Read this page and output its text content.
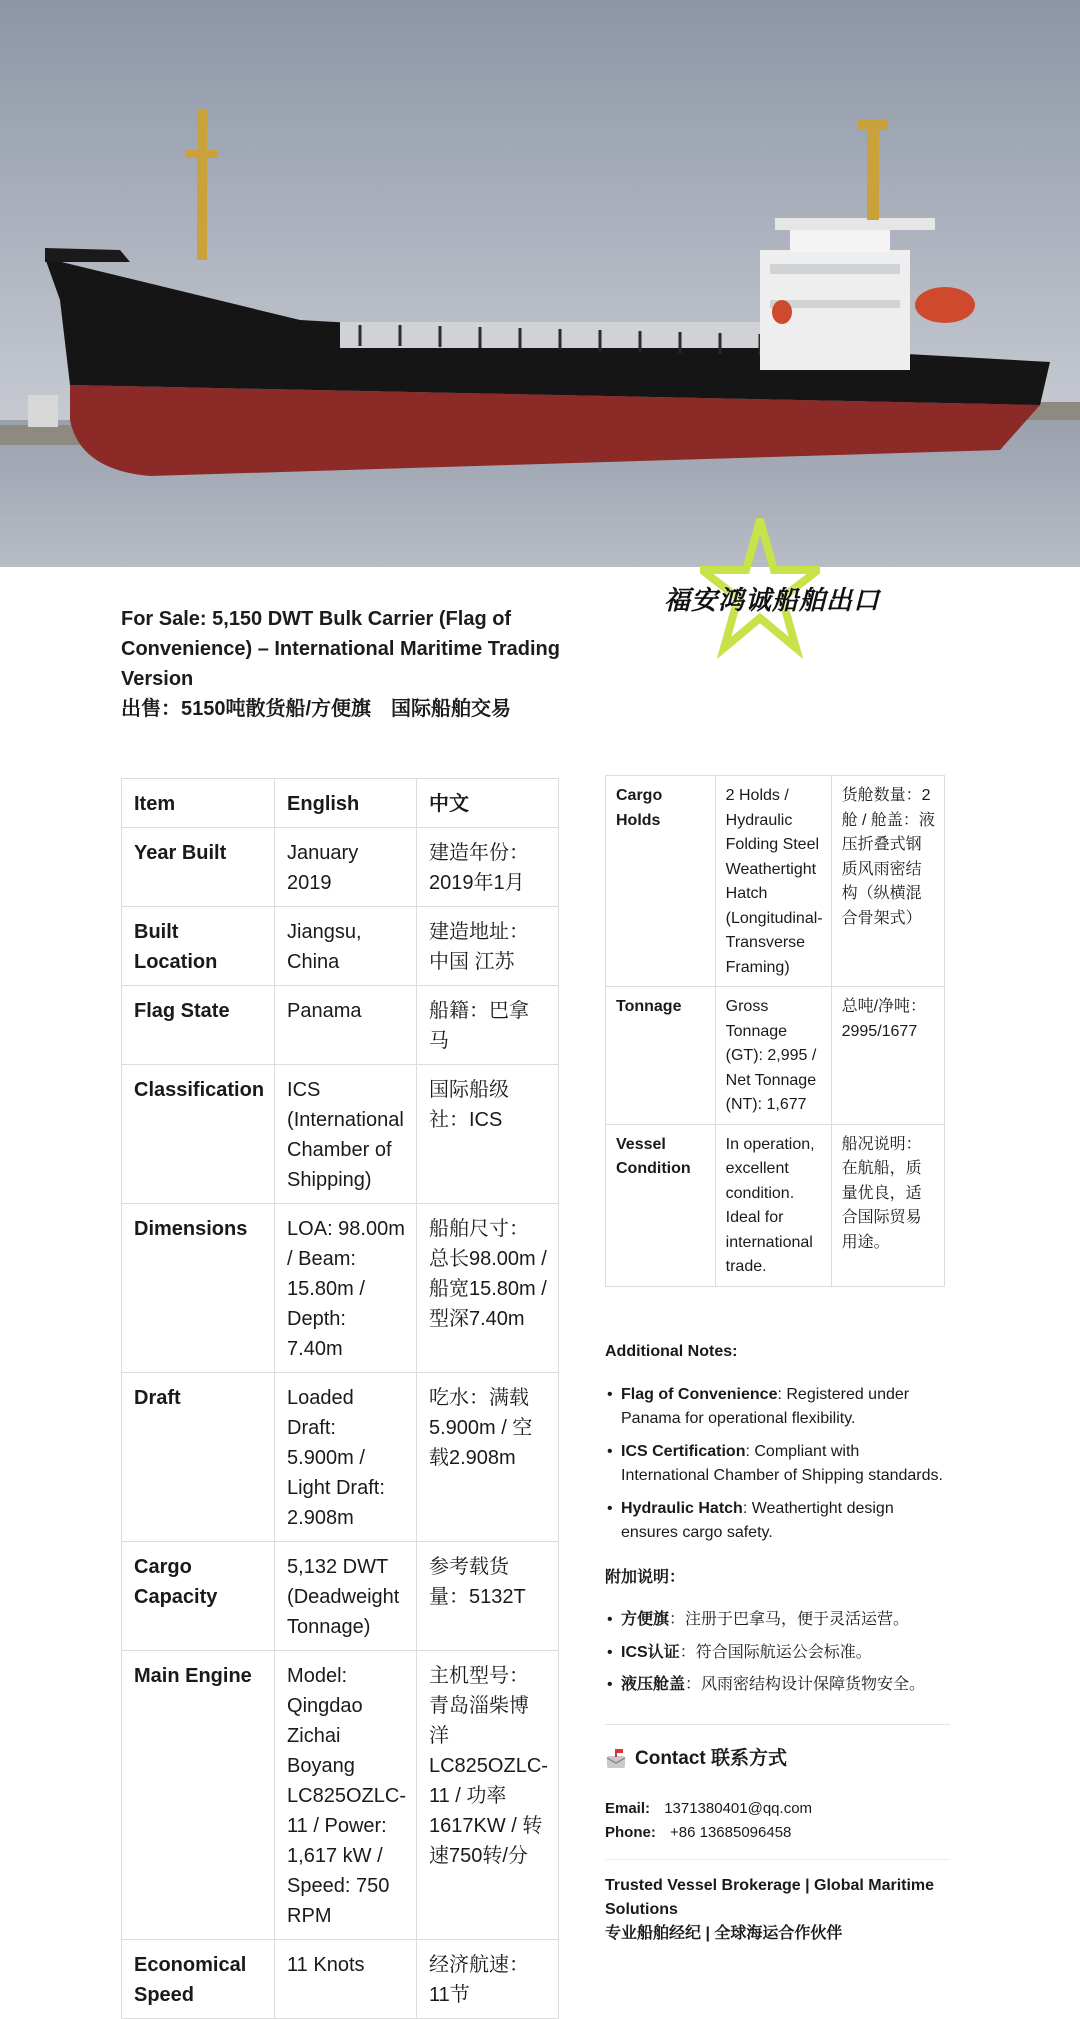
福安鸿诚船舶出口
For Sale: 5,150 DWT Bulk Carrier (Flag of Convenience) – International Maritime Trading Version
出售：5150吨散货船/方便旗　国际船舶交易
Item	English	中文
Year Built	January 2019	建造年份：2019年1月
Built Location	Jiangsu, China	建造地址：中国 江苏
Flag State	Panama	船籍：巴拿马
Classification	ICS (International Chamber of Shipping)	国际船级社：ICS
Dimensions	LOA: 98.00m / Beam: 15.80m / Depth: 7.40m	船舶尺寸：总长98.00m / 船宽15.80m / 型深7.40m
Draft	Loaded Draft: 5.900m / Light Draft: 2.908m	吃水：满载5.900m / 空载2.908m
Cargo Capacity	5,132 DWT (Deadweight Tonnage)	参考载货量：5132T
Main Engine	Model: Qingdao Zichai Boyang LC825OZLC-11 / Power: 1,617 kW / Speed: 750 RPM	主机型号：青岛淄柴博洋LC825OZLC-11 / 功率1617KW / 转速750转/分
Economical Speed	11 Knots	经济航速：11节
Cargo Holds	2 Holds / Hydraulic Folding Steel Weathertight Hatch (Longitudinal-Transverse Framing)	货舱数量：2舱 / 舱盖：液压折叠式钢质风雨密结构（纵横混合骨架式）
Tonnage	Gross Tonnage (GT): 2,995 / Net Tonnage (NT): 1,677	总吨/净吨：2995/1677
Vessel Condition	In operation, excellent condition. Ideal for international trade.	船况说明：在航船，质量优良，适合国际贸易用途。
Additional Notes:
• Flag of Convenience: Registered under Panama for operational flexibility.
• ICS Certification: Compliant with International Chamber of Shipping standards.
• Hydraulic Hatch: Weathertight design ensures cargo safety.
附加说明：
• 方便旗：注册于巴拿马，便于灵活运营。
• ICS认证：符合国际航运公会标准。
• 液压舱盖：风雨密结构设计保障货物安全。
Contact 联系方式
Email: 1371380401@qq.com
Phone: +86 13685096458
Trusted Vessel Brokerage | Global Maritime Solutions
专业船舶经纪 | 全球海运合作伙伴
